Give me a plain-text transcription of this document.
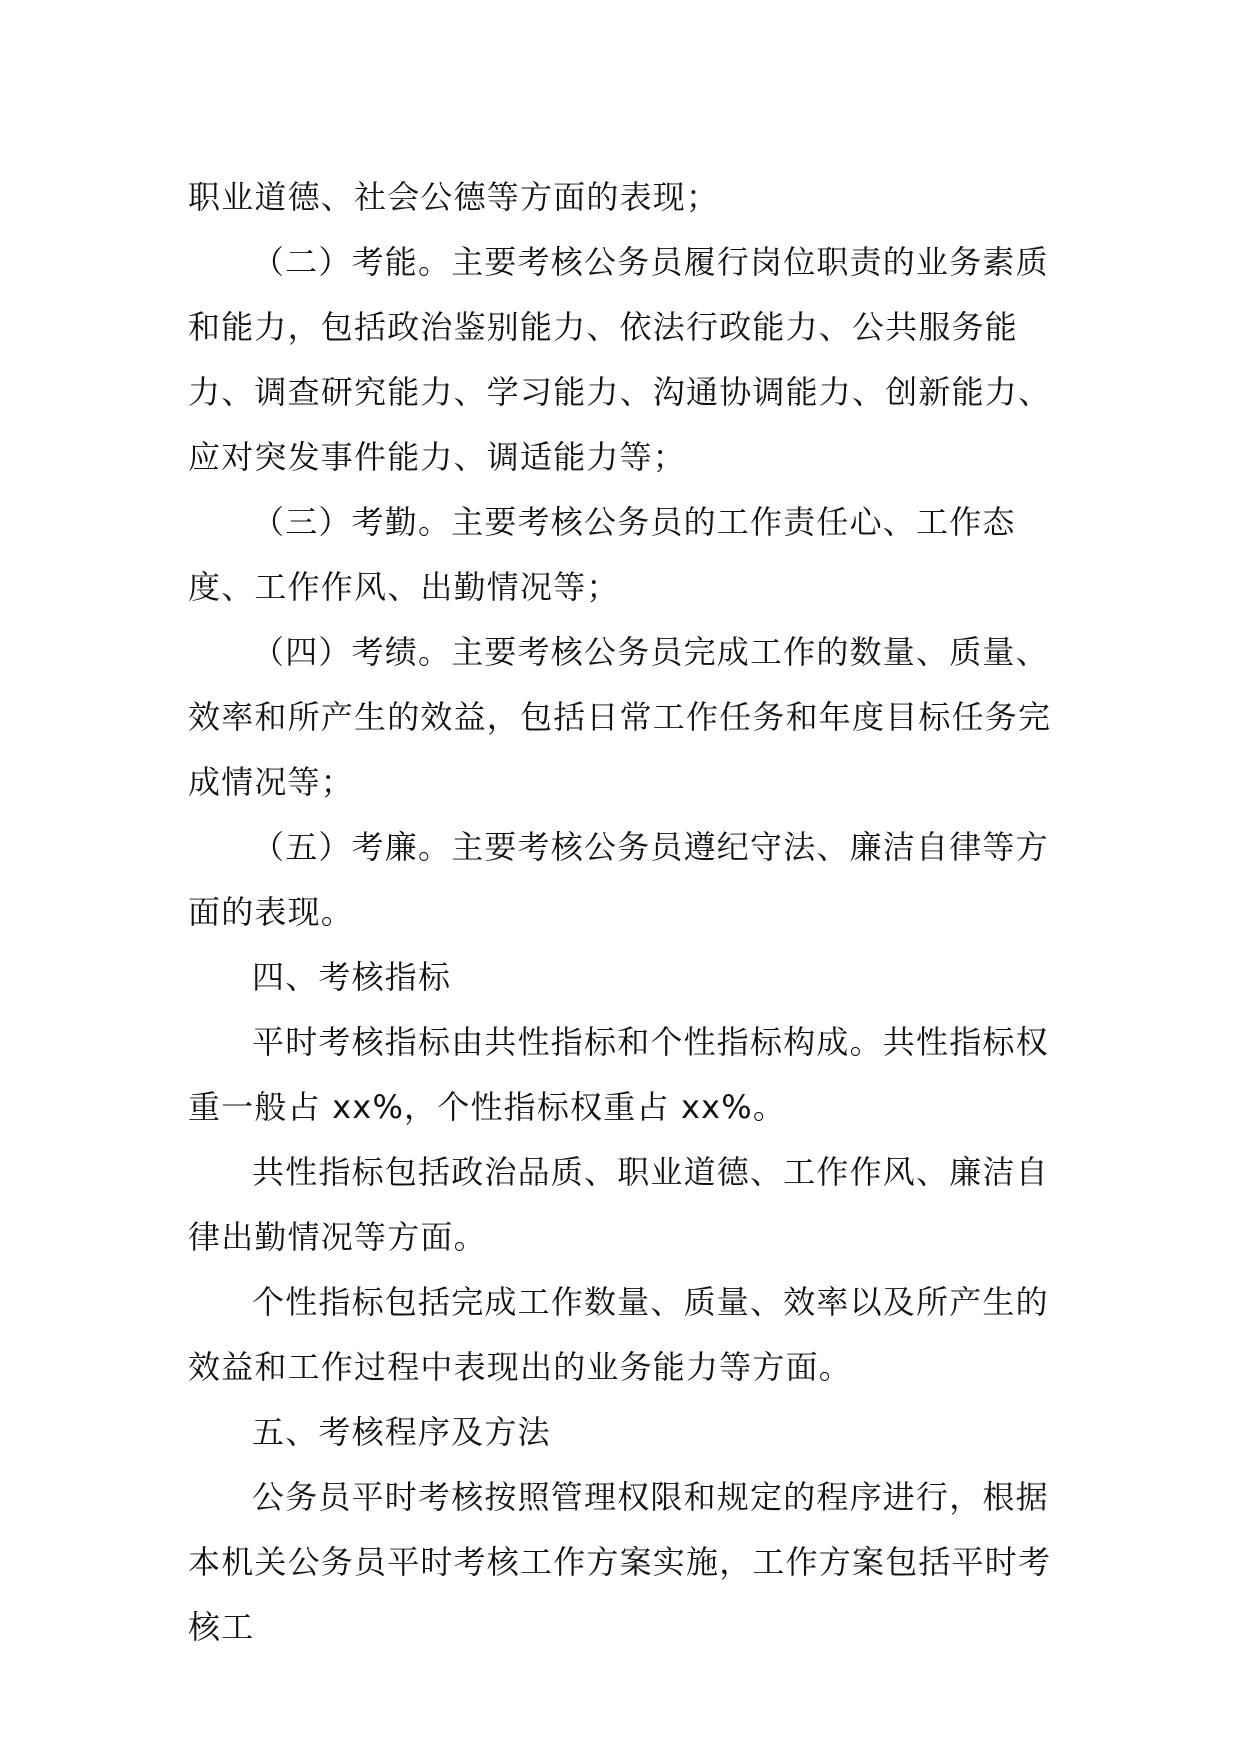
职业道德、社会公德等方面的表现；

（二）考能。主要考核公务员履行岗位职责的业务素质和能力，包括政治鉴别能力、依法行政能力、公共服务能力、调查研究能力、学习能力、沟通协调能力、创新能力、应对突发事件能力、调适能力等；

（三）考勤。主要考核公务员的工作责任心、工作态度、工作作风、出勤情况等；

（四）考绩。主要考核公务员完成工作的数量、质量、效率和所产生的效益，包括日常工作任务和年度目标任务完成情况等；

（五）考廉。主要考核公务员遵纪守法、廉洁自律等方面的表现。

四、考核指标

平时考核指标由共性指标和个性指标构成。共性指标权重一般占 xx%，个性指标权重占 xx%。

共性指标包括政治品质、职业道德、工作作风、廉洁自律出勤情况等方面。

个性指标包括完成工作数量、质量、效率以及所产生的效益和工作过程中表现出的业务能力等方面。

五、考核程序及方法

公务员平时考核按照管理权限和规定的程序进行，根据本机关公务员平时考核工作方案实施，工作方案包括平时考核工
